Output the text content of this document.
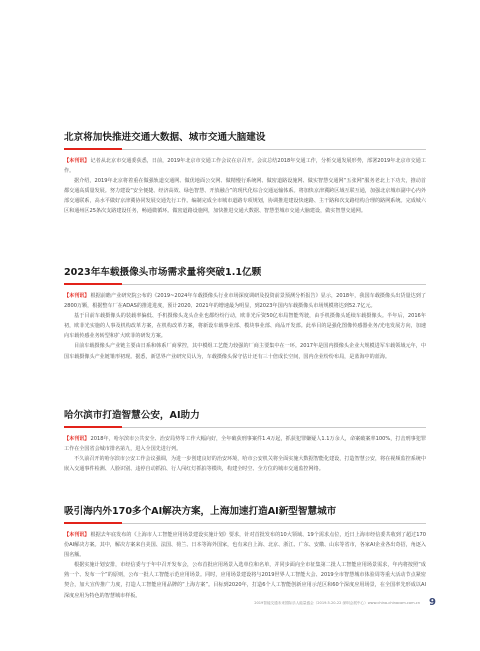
北京将加快推进交通大数据、城市交通大脑建设

【本刊讯】记者从北京市交通委获悉，日前，2019年北京市交通工作会议在京召开。会议总结2018年交通工作，分析交通发展形势，部署2019年北京市交通工作。

据介绍，2019年北京将着重在做强轨道交通网、做优地面公交网、做精慢行系统网、做密道路设施网、做实智慧交通网“五张网”服务老北上下功夫，推动首都交通高质量发展。努力建设“安全便捷、经济高效、绿色智慧、开放融合”的现代化综合交通运输体系。将加快京津冀跨区域互联互通，加强北京城市副中心内外部交通联系，高水平做好京津冀协同发展交通先行工作。编制完成全市城市道路专项规划，协调推进建设快速路、主干路和次支路结构合理的路网系统。完成城六区和通州区25条次支路建设任务，畅通微循环。做密道路设施网，加快推进交通大数据、智慧型城市交通大脑建设，做实智慧交通网。

2023年车载摄像头市场需求量将突破1.1亿颗

【本刊讯】根据前瞻产业研究院公布的《2019~2024年车载摄像头行业市场深度调研及投资前景预测分析报告》显示，2018年，我国车载摄像头出货量达到了2800万颗，根据整车厂在ADAS的推进进度，预计2020、2021年的增速最为明显，到2023年国内车载摄像头市场规模将达到52.7亿元。

基于目前车载摄像头的装载率偏低、手机摄像头龙头企业也都纷纷行动，欧菲光斥资50亿布局智能驾驶，由手机摄像头延续车载摄像头。半年后，2016年初，欧菲光实施的人事及机构改革方案，在机构改革方案，将新设车载事业部、模块事业部、商品开发部。此举目的是强化图像传感器业务/光电发展方向，加速向车载传感业务转型和扩大欧菲的研发方案。

目前车载摄像头产业链主要由日系和韩系厂商掌控，其中模组工艺能力较强的厂商主要集中在一环。2017年是国内摄像头企业大规模进军车载领域元年，中国车载摄像头产业链雏形初现。据悉，新思界产业研究员认为，车载摄像头保守估计还有三十倍成长空间，国内企业纷纷布局，是蓝海中的蓝海。

哈尔滨市打造智慧公安，AI助力

【本刊讯】2018年，哈尔滨市公共安全、治安局势等工作大幅向好，全年破获刑事案件1.4万起，抓获犯罪嫌疑人1.1万余人，命案破案率100%，打击刑事犯罪工作在全国省会城市排名第九，进入全国先进行列。

不久前召开的哈尔滨市公安工作会议强调，为进一步创建良好的治安环境，哈市公安机关将全面实施大数据智能化建设，打造智慧公安，将在视频监控系统中嵌入交通事件检测、人脸识别、违停自动抓拍、行人闯红灯抓拍等模块，构建全时空、全方位的城市交通监控网络。

吸引海内外170多个AI解决方案，上海加速打造AI新型智慧城市

【本刊讯】根据去年底发布的《上海市人工智能应用场景建设实施计划》要求，针对首批发布的10大领域、19个需求点位，近日上海市经信委共收到了超过170份AI解决方案。其中，解决方案来自美国、法国、荷兰、日本等海外国家，也有来自上海、北京、浙江、广东、安徽、山东等省市，各家AI企业各出奇招，角逐入围名额。

根据实施计划安排，市经信委与于年中召开发布会，公布首批应用场景入选单位和名单，并同步面向全市征集第二批人工智能应用场景需求，年内将按照“成熟一个、发布一个”的原则，公布一批人工智能示范应用场景。同时，应用场景建设将与2019世界人工智能大会、2019全市智慧城市体验周等重大活动节点紧密契合，加大宣传推广力度，打造人工智能应用品牌的“上海方案”。目标到2020年，打造6个人工智能创新应用示范区和60个深度应用场景，在全国率先形成以AI深度应用为特色的智慧城市样板。

2019智能交通未来国际乐人能量盛会（2019.5.20-22 深圳会展中心）www.china-chinacom.com.cn 9
